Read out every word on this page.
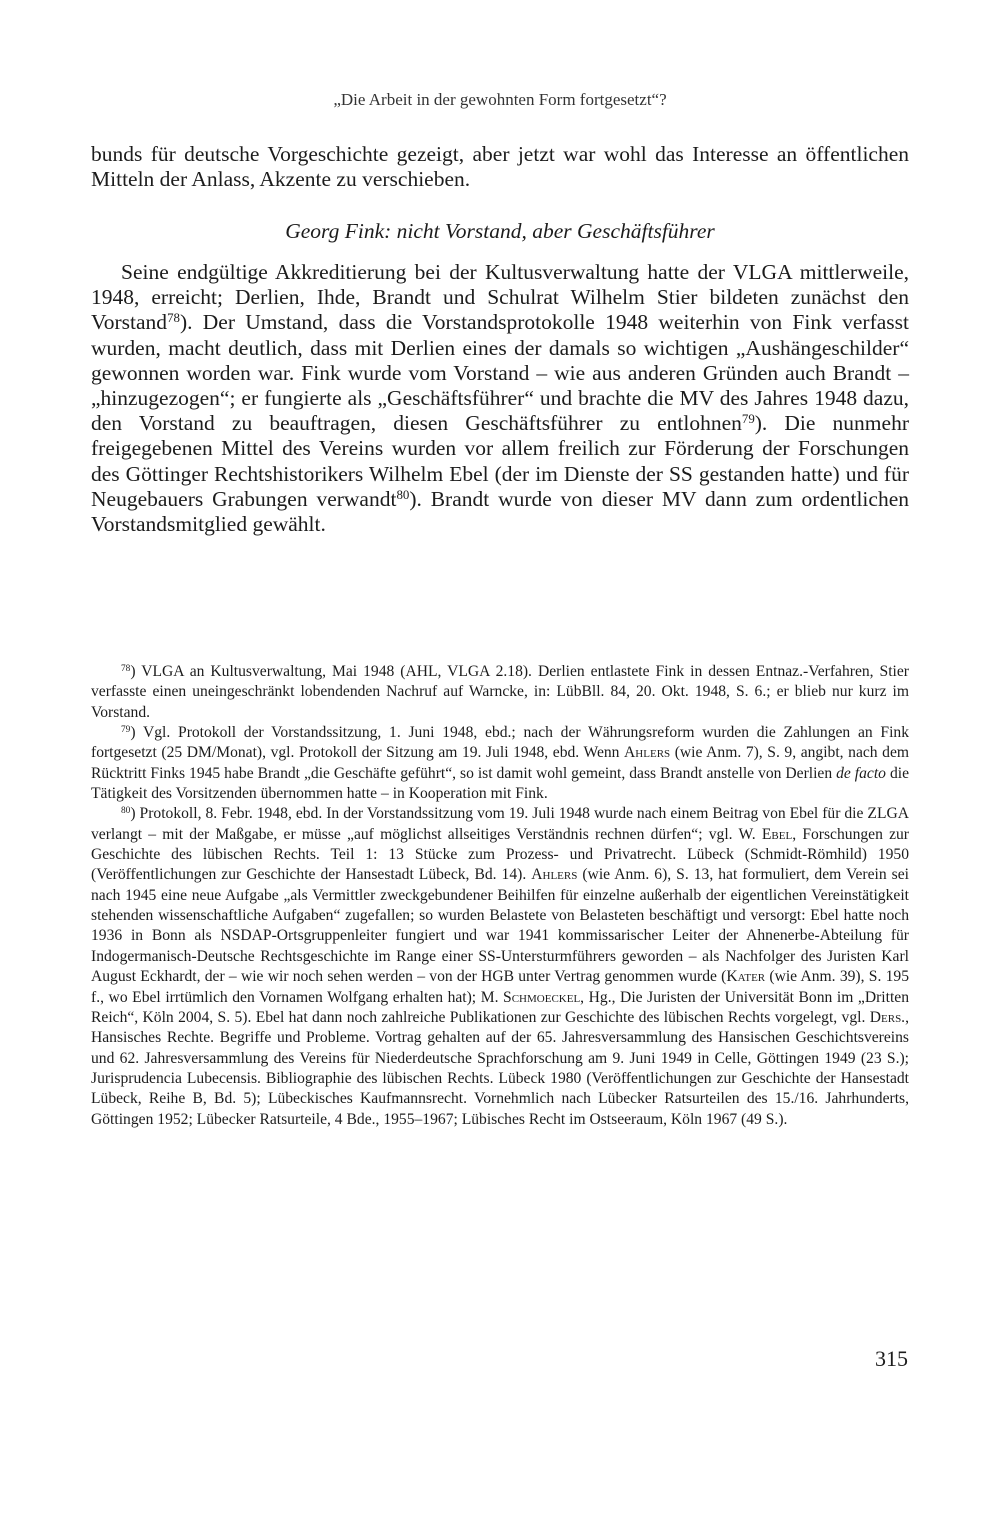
„Die Arbeit in der gewohnten Form fortgesetzt“?

bunds für deutsche Vorgeschichte gezeigt, aber jetzt war wohl das Interesse an öffentlichen Mitteln der Anlass, Akzente zu verschieben.

Georg Fink: nicht Vorstand, aber Geschäftsführer

Seine endgültige Akkreditierung bei der Kultusverwaltung hatte der VLGA mittlerweile, 1948, erreicht; Derlien, Ihde, Brandt und Schulrat Wilhelm Stier bildeten zunächst den Vorstand$^{78}$). Der Umstand, dass die Vorstandsprotokolle 1948 weiterhin von Fink verfasst wurden, macht deutlich, dass mit Derlien eines der damals so wichtigen „Aushängeschilder“ gewonnen worden war. Fink wurde vom Vorstand – wie aus anderen Gründen auch Brandt – „hinzugezogen“; er fungierte als „Geschäftsführer“ und brachte die MV des Jahres 1948 dazu, den Vorstand zu beauftragen, diesen Geschäftsführer zu entlohnen$^{79}$). Die nunmehr freigegebenen Mittel des Vereins wurden vor allem freilich zur Förderung der Forschungen des Göttinger Rechtshistorikers Wilhelm Ebel (der im Dienste der SS gestanden hatte) und für Neugebauers Grabungen verwandt$^{80}$). Brandt wurde von dieser MV dann zum ordentlichen Vorstandsmitglied gewählt.

$^{78}$) VLGA an Kultusverwaltung, Mai 1948 (AHL, VLGA 2.18). Derlien entlastete Fink in dessen Entnaz.-Verfahren, Stier verfasste einen uneingeschränkt lobendenden Nachruf auf Warncke, in: LübBll. 84, 20. Okt. 1948, S. 6.; er blieb nur kurz im Vorstand.

$^{79}$) Vgl. Protokoll der Vorstandssitzung, 1. Juni 1948, ebd.; nach der Währungsreform wurden die Zahlungen an Fink fortgesetzt (25 DM/Monat), vgl. Protokoll der Sitzung am 19. Juli 1948, ebd. Wenn Ahlers (wie Anm. 7), S. 9, angibt, nach dem Rücktritt Finks 1945 habe Brandt „die Geschäfte geführt“, so ist damit wohl gemeint, dass Brandt anstelle von Derlien de facto die Tätigkeit des Vorsitzenden übernommen hatte – in Kooperation mit Fink.

$^{80}$) Protokoll, 8. Febr. 1948, ebd. In der Vorstandssitzung vom 19. Juli 1948 wurde nach einem Beitrag von Ebel für die ZLGA verlangt – mit der Maßgabe, er müsse „auf möglichst allseitiges Verständnis rechnen dürfen“; vgl. W. Ebel, Forschungen zur Geschichte des lübischen Rechts. Teil 1: 13 Stücke zum Prozess- und Privatrecht. Lübeck (Schmidt-Römhild) 1950 (Veröffentlichungen zur Geschichte der Hansestadt Lübeck, Bd. 14). Ahlers (wie Anm. 6), S. 13, hat formuliert, dem Verein sei nach 1945 eine neue Aufgabe „als Vermittler zweckgebundener Beihilfen für einzelne außerhalb der eigentlichen Vereinstätigkeit stehenden wissenschaftliche Aufgaben“ zugefallen; so wurden Belastete von Belasteten beschäftigt und versorgt: Ebel hatte noch 1936 in Bonn als NSDAP-Ortsgruppenleiter fungiert und war 1941 kommissarischer Leiter der Ahnenerbe-Abteilung für Indogermanisch-Deutsche Rechtsgeschichte im Range einer SS-Untersturmführers geworden – als Nachfolger des Juristen Karl August Eckhardt, der – wie wir noch sehen werden – von der HGB unter Vertrag genommen wurde (Kater (wie Anm. 39), S. 195 f., wo Ebel irrtümlich den Vornamen Wolfgang erhalten hat); M. Schmoeckel, Hg., Die Juristen der Universität Bonn im „Dritten Reich“, Köln 2004, S. 5). Ebel hat dann noch zahlreiche Publikationen zur Geschichte des lübischen Rechts vorgelegt, vgl. Ders., Hansisches Rechte. Begriffe und Probleme. Vortrag gehalten auf der 65. Jahresversammlung des Hansischen Geschichtsvereins und 62. Jahresversammlung des Vereins für Niederdeutsche Sprachforschung am 9. Juni 1949 in Celle, Göttingen 1949 (23 S.); Jurisprudencia Lubecensis. Bibliographie des lübischen Rechts. Lübeck 1980 (Veröffentlichungen zur Geschichte der Hansestadt Lübeck, Reihe B, Bd. 5); Lübeckisches Kaufmannsrecht. Vornehmlich nach Lübecker Ratsurteilen des 15./16. Jahrhunderts, Göttingen 1952; Lübecker Ratsurteile, 4 Bde., 1955–1967; Lübisches Recht im Ostseeraum, Köln 1967 (49 S.).

315
